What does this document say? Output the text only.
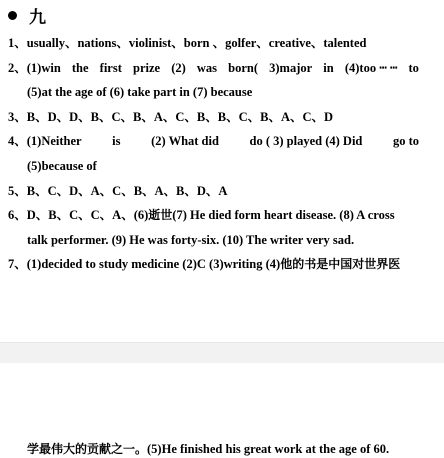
九
1、usually、nations、violinist、born 、golfer、creative、talented
2、(1)win the first prize (2) was born( 3)major in (4)too ┅ ┅ to
(5)at the age of (6) take part in (7) because
3、B、D、D、B、C、B、A、C、B、B、C、B、A、C、D
4、(1)Neither is (2) What did do ( 3) played (4) Did go to
(5)because of
5、B、C、D、A、C、B、A、B、D、A
6、D、B、C、C、A、(6)逝世(7) He died form heart disease. (8) A cross
talk performer. (9) He was forty-six. (10) The writer very sad.
7、(1)decided to study medicine (2)C (3)writing (4)他的书是中国对世界医
学最伟大的贡献之一。(5)He finished his great work at the age of 60.
